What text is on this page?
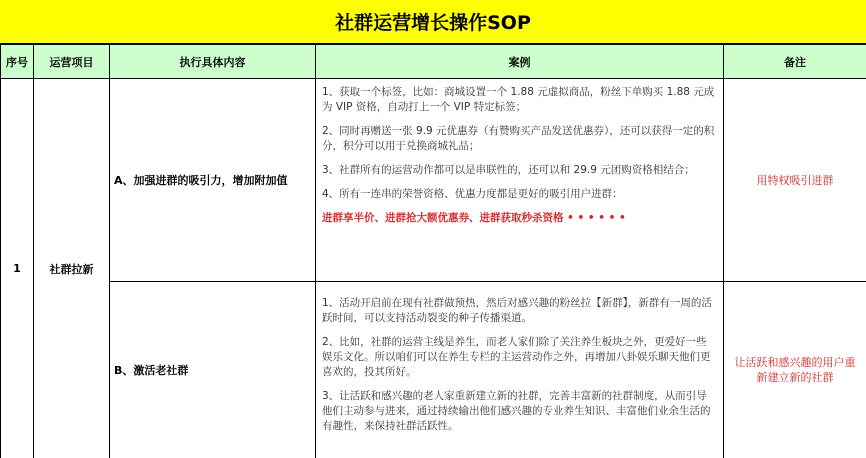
社群运营增长操作SOP
序号	运营项目	执行具体内容	案例	备注
1	社群拉新	A、加强进群的吸引力，增加附加值	1、获取一个标签，比如：商城设置一个 1.88 元虚拟商品，粉丝下单购买 1.88 元成为 VIP 资格，自动打上一个 VIP 特定标签；

2、同时再赠送一张 9.9 元优惠券（有赞购买产品发送优惠券），还可以获得一定的积分，积分可以用于兑换商城礼品；

3、社群所有的运营动作都可以是串联性的，还可以和 29.9 元团购资格相结合；

4、所有一连串的荣誉资格、优惠力度都是更好的吸引用户进群：

进群享半价、进群抢大额优惠券、进群获取秒杀资格 • • • • • •	用特权吸引进群
		B、激活老社群	1、活动开启前在现有社群做预热，然后对感兴趣的粉丝拉【新群】，新群有一周的活跃时间，可以支持活动裂变的种子传播渠道。

2、比如，社群的运营主线是养生，而老人家们除了关注养生板块之外，更爱好一些娱乐文化。所以咱们可以在养生专栏的主运营动作之外，再增加八卦娱乐聊天他们更喜欢的，投其所好。

3、让活跃和感兴趣的老人家重新建立新的社群，完善丰富新的社群制度，从而引导他们主动参与进来，通过持续输出他们感兴趣的专业养生知识、丰富他们业余生活的有趣性，来保持社群活跃性。	让活跃和感兴趣的用户重新建立新的社群
